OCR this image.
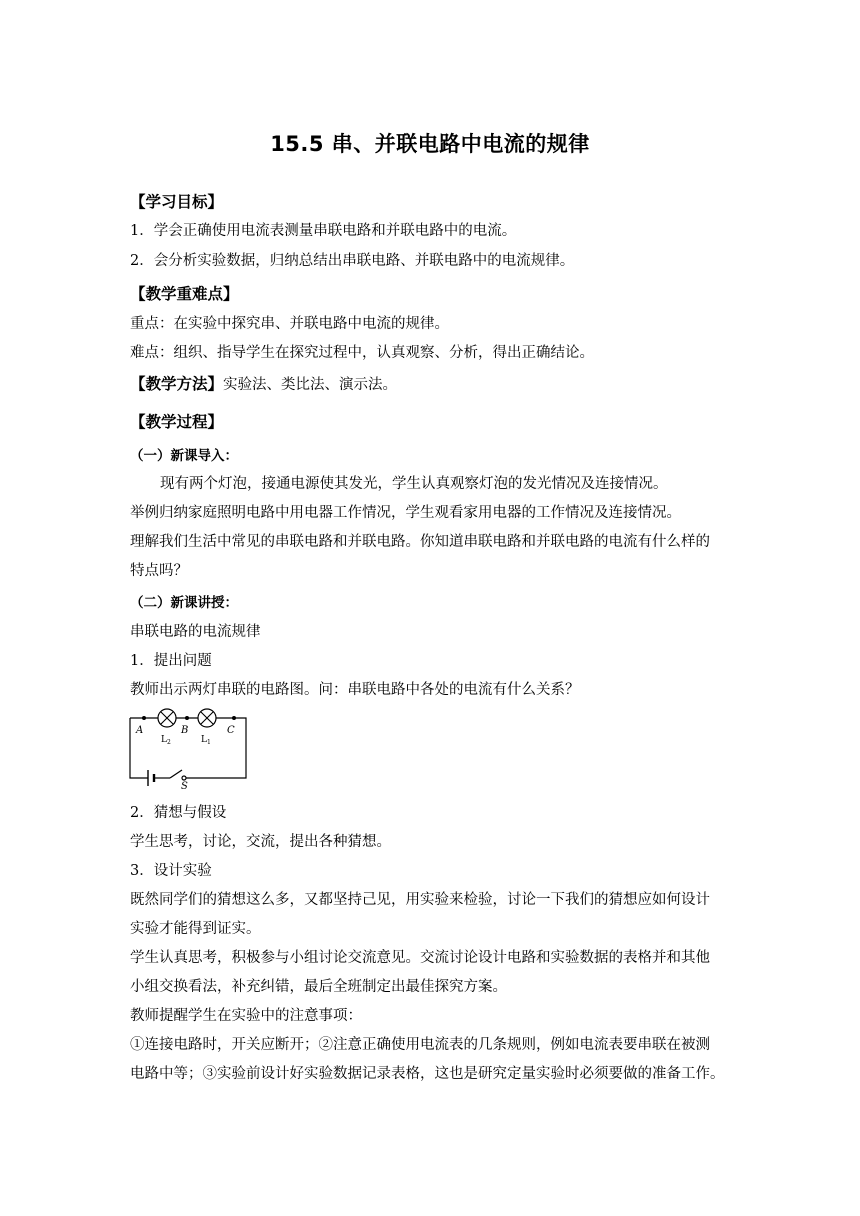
15.5 串、并联电路中电流的规律
【学习目标】
1．学会正确使用电流表测量串联电路和并联电路中的电流。
2．会分析实验数据，归纳总结出串联电路、并联电路中的电流规律。
【教学重难点】
重点：在实验中探究串、并联电路中电流的规律。
难点：组织、指导学生在探究过程中，认真观察、分析，得出正确结论。
【教学方法】实验法、类比法、演示法。
【教学过程】
（一）新课导入：
现有两个灯泡，接通电源使其发光，学生认真观察灯泡的发光情况及连接情况。
举例归纳家庭照明电路中用电器工作情况，学生观看家用电器的工作情况及连接情况。
理解我们生活中常见的串联电路和并联电路。你知道串联电路和并联电路的电流有什么样的
特点吗？
（二）新课讲授：
串联电路的电流规律
1．提出问题
教师出示两灯串联的电路图。问：串联电路中各处的电流有什么关系？
A	B	C
S
L 2	L 1
2．猜想与假设
学生思考，讨论，交流，提出各种猜想。
3．设计实验
既然同学们的猜想这么多，又都坚持己见，用实验来检验，讨论一下我们的猜想应如何设计
实验才能得到证实。
学生认真思考，积极参与小组讨论交流意见。交流讨论设计电路和实验数据的表格并和其他
小组交换看法，补充纠错，最后全班制定出最佳探究方案。
教师提醒学生在实验中的注意事项：
①连接电路时，开关应断开；②注意正确使用电流表的几条规则，例如电流表要串联在被测
电路中等；③实验前设计好实验数据记录表格，这也是研究定量实验时必须要做的准备工作。
